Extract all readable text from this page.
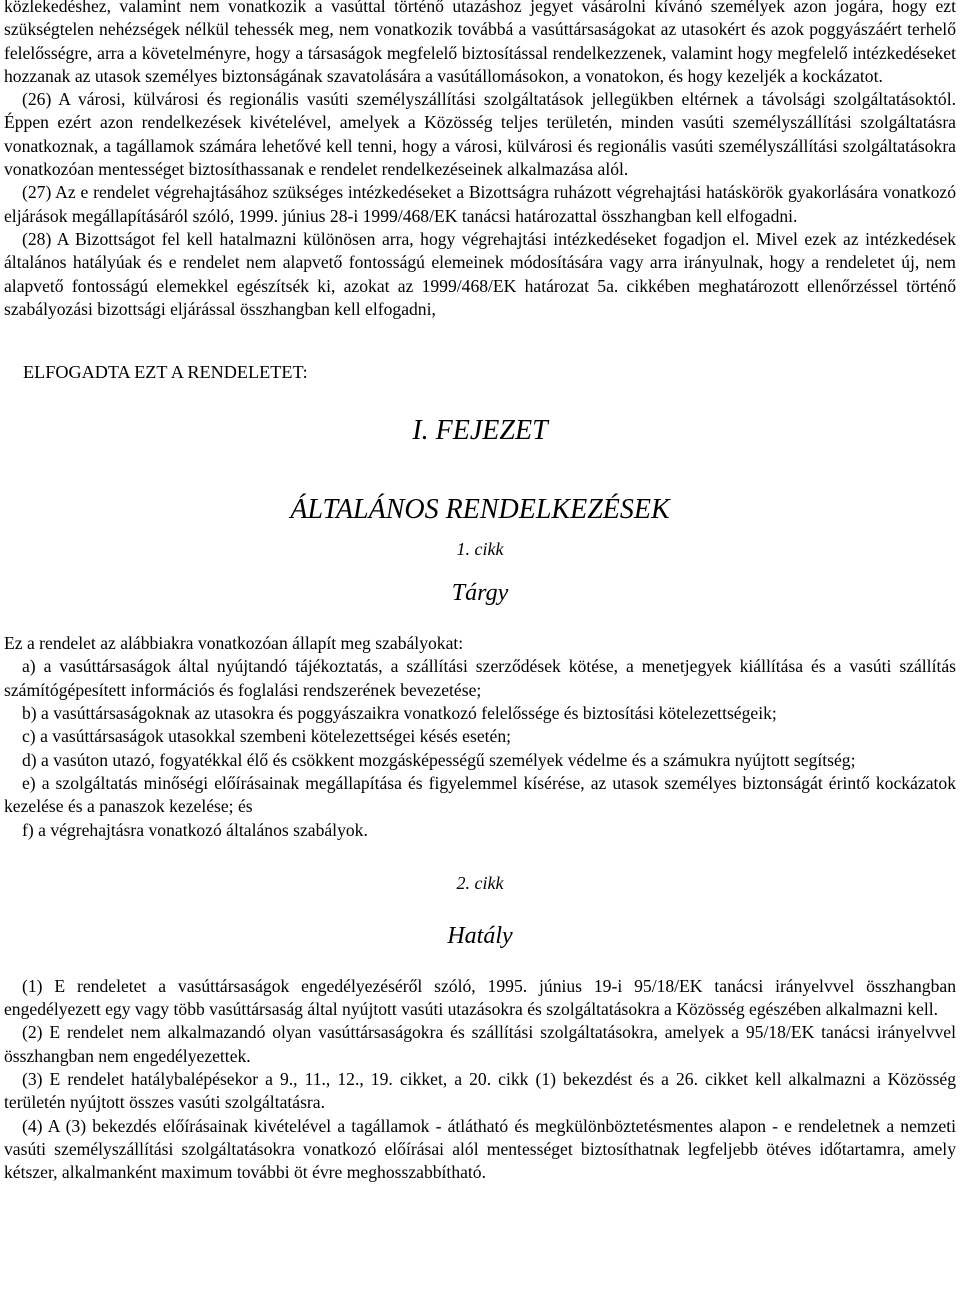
közlekedéshez, valamint nem vonatkozik a vasúttal történő utazáshoz jegyet vásárolni kívánó személyek azon jogára, hogy ezt szükségtelen nehézségek nélkül tehessék meg, nem vonatkozik továbbá a vasúttársaságokat az utasokért és azok poggyászáért terhelő felelősségre, arra a követelményre, hogy a társaságok megfelelő biztosítással rendelkezzenek, valamint hogy megfelelő intézkedéseket hozzanak az utasok személyes biztonságának szavatolására a vasútállomásokon, a vonatokon, és hogy kezeljék a kockázatot.

(26) A városi, külvárosi és regionális vasúti személyszállítási szolgáltatások jellegükben eltérnek a távolsági szolgáltatásoktól. Éppen ezért azon rendelkezések kivételével, amelyek a Közösség teljes területén, minden vasúti személyszállítási szolgáltatásra vonatkoznak, a tagállamok számára lehetővé kell tenni, hogy a városi, külvárosi és regionális vasúti személyszállítási szolgáltatásokra vonatkozóan mentességet biztosíthassanak e rendelet rendelkezéseinek alkalmazása alól.

(27) Az e rendelet végrehajtásához szükséges intézkedéseket a Bizottságra ruházott végrehajtási hatáskörök gyakorlására vonatkozó eljárások megállapításáról szóló, 1999. június 28-i 1999/468/EK tanácsi határozattal összhangban kell elfogadni.

(28) A Bizottságot fel kell hatalmazni különösen arra, hogy végrehajtási intézkedéseket fogadjon el. Mivel ezek az intézkedések általános hatályúak és e rendelet nem alapvető fontosságú elemeinek módosítására vagy arra irányulnak, hogy a rendeletet új, nem alapvető fontosságú elemekkel egészítsék ki, azokat az 1999/468/EK határozat 5a. cikkében meghatározott ellenőrzéssel történő szabályozási bizottsági eljárással összhangban kell elfogadni,

ELFOGADTA EZT A RENDELETET:

I. FEJEZET

ÁLTALÁNOS RENDELKEZÉSEK

1. cikk

Tárgy

Ez a rendelet az alábbiakra vonatkozóan állapít meg szabályokat:

a) a vasúttársaságok által nyújtandó tájékoztatás, a szállítási szerződések kötése, a menetjegyek kiállítása és a vasúti szállítás számítógépesített információs és foglalási rendszerének bevezetése;

b) a vasúttársaságoknak az utasokra és poggyászaikra vonatkozó felelőssége és biztosítási kötelezettségeik;

c) a vasúttársaságok utasokkal szembeni kötelezettségei késés esetén;

d) a vasúton utazó, fogyatékkal élő és csökkent mozgásképességű személyek védelme és a számukra nyújtott segítség;

e) a szolgáltatás minőségi előírásainak megállapítása és figyelemmel kísérése, az utasok személyes biztonságát érintő kockázatok kezelése és a panaszok kezelése; és

f) a végrehajtásra vonatkozó általános szabályok.

2. cikk

Hatály

(1) E rendeletet a vasúttársaságok engedélyezéséről szóló, 1995. június 19-i 95/18/EK tanácsi irányelvvel összhangban engedélyezett egy vagy több vasúttársaság által nyújtott vasúti utazásokra és szolgáltatásokra a Közösség egészében alkalmazni kell.

(2) E rendelet nem alkalmazandó olyan vasúttársaságokra és szállítási szolgáltatásokra, amelyek a 95/18/EK tanácsi irányelvvel összhangban nem engedélyezettek.

(3) E rendelet hatálybalépésekor a 9., 11., 12., 19. cikket, a 20. cikk (1) bekezdést és a 26. cikket kell alkalmazni a Közösség területén nyújtott összes vasúti szolgáltatásra.

(4) A (3) bekezdés előírásainak kivételével a tagállamok - átlátható és megkülönböztetésmentes alapon - e rendeletnek a nemzeti vasúti személyszállítási szolgáltatásokra vonatkozó előírásai alól mentességet biztosíthatnak legfeljebb ötéves időtartamra, amely kétszer, alkalmanként maximum további öt évre meghosszabbítható.
